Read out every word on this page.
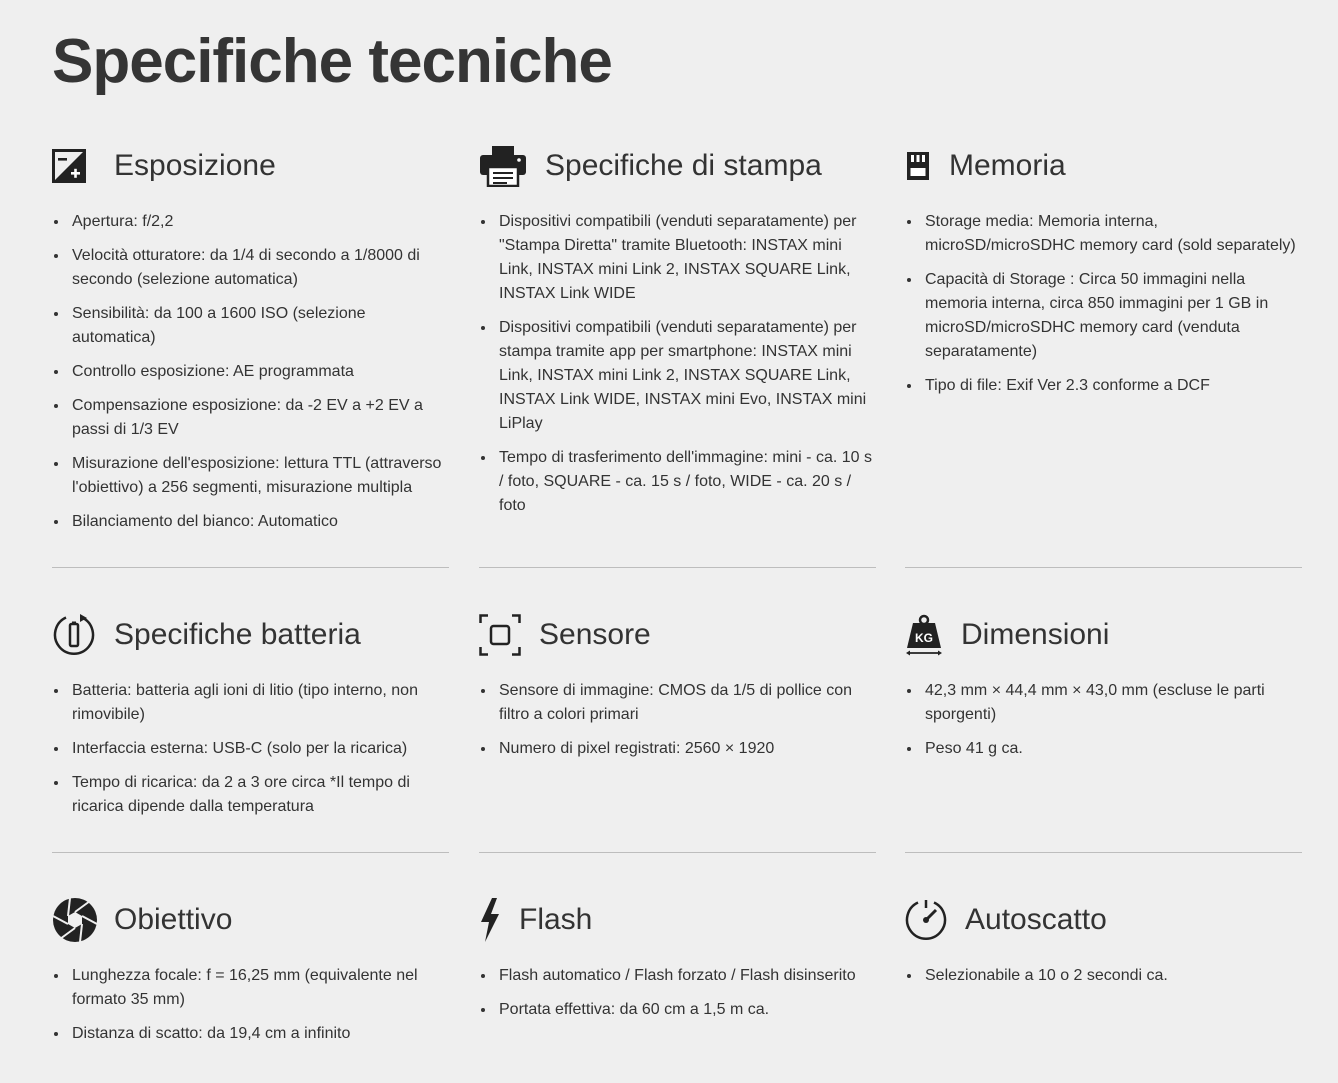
Specifiche tecniche
Esposizione
Apertura: f/2,2
Velocità otturatore: da 1/4 di secondo a 1/8000 di secondo (selezione automatica)
Sensibilità: da 100 a 1600 ISO (selezione automatica)
Controllo esposizione: AE programmata
Compensazione esposizione: da -2 EV a +2 EV a passi di 1/3 EV
Misurazione dell'esposizione: lettura TTL (attraverso l'obiettivo) a 256 segmenti, misurazione multipla
Bilanciamento del bianco: Automatico
Specifiche di stampa
Dispositivi compatibili (venduti separatamente) per "Stampa Diretta" tramite Bluetooth: INSTAX mini Link, INSTAX mini Link 2, INSTAX SQUARE Link, INSTAX Link WIDE
Dispositivi compatibili (venduti separatamente) per stampa tramite app per smartphone: INSTAX mini Link, INSTAX mini Link 2, INSTAX SQUARE Link, INSTAX Link WIDE, INSTAX mini Evo, INSTAX mini LiPlay
Tempo di trasferimento dell'immagine: mini - ca. 10 s / foto, SQUARE - ca. 15 s / foto, WIDE - ca. 20 s / foto
Memoria
Storage media: Memoria interna, microSD/microSDHC memory card (sold separately)
Capacità di Storage : Circa 50 immagini nella memoria interna, circa 850 immagini per 1 GB in microSD/microSDHC memory card (venduta separatamente)
Tipo di file: Exif Ver 2.3 conforme a DCF
Specifiche batteria
Batteria: batteria agli ioni di litio (tipo interno, non rimovibile)
Interfaccia esterna: USB-C (solo per la ricarica)
Tempo di ricarica: da 2 a 3 ore circa *Il tempo di ricarica dipende dalla temperatura
Sensore
Sensore di immagine: CMOS da 1/5 di pollice con filtro a colori primari
Numero di pixel registrati: 2560 × 1920
KG Dimensioni
42,3 mm × 44,4 mm × 43,0 mm (escluse le parti sporgenti)
Peso 41 g ca.
Obiettivo
Lunghezza focale: f = 16,25 mm (equivalente nel formato 35 mm)
Distanza di scatto: da 19,4 cm a infinito
Flash
Flash automatico / Flash forzato / Flash disinserito
Portata effettiva: da 60 cm a 1,5 m ca.
Autoscatto
Selezionabile a 10 o 2 secondi ca.
